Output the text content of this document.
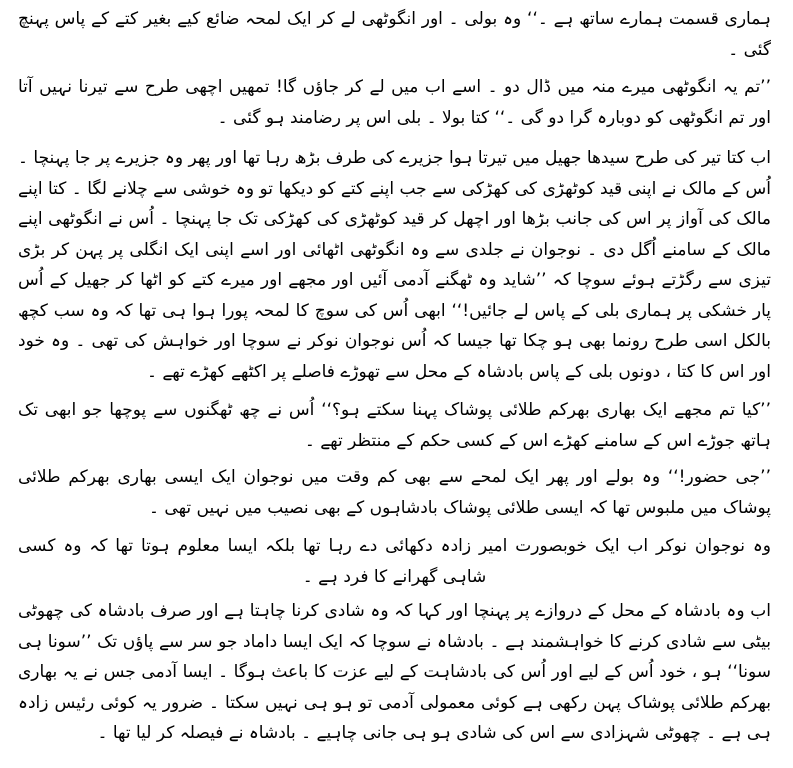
ہماری قسمت ہمارے ساتھ ہے ۔‘‘ وہ بولی ۔ اور انگوٹھی لے کر ایک لمحہ ضائع کیے بغیر کتے کے پاس پہنچ گئی ۔

’’تم یہ انگوٹھی میرے منہ میں ڈال دو ۔ اسے اب میں لے کر جاؤں گا! تمھیں اچھی طرح سے تیرنا نہیں آتا اور تم انگوٹھی کو دوبارہ گرا دو گی ۔‘‘ کتا بولا ۔ بلی اس پر رضامند ہو گئی ۔

اب کتا تیر کی طرح سیدھا جھیل میں تیرتا ہوا جزیرے کی طرف بڑھ رہا تھا اور پھر وہ جزیرے پر جا پہنچا ۔ اُس کے مالک نے اپنی قید کوٹھڑی کی کھڑکی سے جب اپنے کتے کو دیکھا تو وہ خوشی سے چلانے لگا ۔ کتا اپنے مالک کی آواز پر اس کی جانب بڑھا اور اچھل کر قید کوٹھڑی کی کھڑکی تک جا پہنچا ۔ اُس نے انگوٹھی اپنے مالک کے سامنے اُگل دی ۔ نوجوان نے جلدی سے وہ انگوٹھی اٹھائی اور اسے اپنی ایک انگلی پر پہن کر بڑی تیزی سے رگڑتے ہوئے سوچا کہ ’’شاید وہ ٹھگنے آدمی آئیں اور مجھے اور میرے کتے کو اٹھا کر جھیل کے اُس پار خشکی پر ہماری بلی کے پاس لے جائیں!‘‘ ابھی اُس کی سوچ کا لمحہ پورا ہوا ہی تھا کہ وہ سب کچھ بالکل اسی طرح رونما بھی ہو چکا تھا جیسا کہ اُس نوجوان نوکر نے سوچا اور خواہش کی تھی ۔ وہ خود اور اس کا کتا ، دونوں بلی کے پاس بادشاہ کے محل سے تھوڑے فاصلے پر اکٹھے کھڑے تھے ۔

’’کیا تم مجھے ایک بھاری بھرکم طلائی پوشاک پہنا سکتے ہو؟‘‘ اُس نے چھ ٹھگنوں سے پوچھا جو ابھی تک ہاتھ جوڑے اس کے سامنے کھڑے اس کے کسی حکم کے منتظر تھے ۔

’’جی حضور!‘‘ وہ بولے اور پھر ایک لمحے سے بھی کم وقت میں نوجوان ایک ایسی بھاری بھرکم طلائی پوشاک میں ملبوس تھا کہ ایسی طلائی پوشاک بادشاہوں کے بھی نصیب میں نہیں تھی ۔

وہ نوجوان نوکر اب ایک خوبصورت امیر زادہ دکھائی دے رہا تھا بلکہ ایسا معلوم ہوتا تھا کہ وہ کسی شاہی گھرانے کا فرد ہے ۔

اب وہ بادشاہ کے محل کے دروازے پر پہنچا اور کہا کہ وہ شادی کرنا چاہتا ہے اور صرف بادشاہ کی چھوٹی بیٹی سے شادی کرنے کا خواہشمند ہے ۔ بادشاہ نے سوچا کہ ایک ایسا داماد جو سر سے پاؤں تک ’’سونا ہی سونا‘‘ ہو ، خود اُس کے لیے اور اُس کی بادشاہت کے لیے عزت کا باعث ہوگا ۔ ایسا آدمی جس نے یہ بھاری بھرکم طلائی پوشاک پہن رکھی ہے کوئی معمولی آدمی تو ہو ہی نہیں سکتا ۔ ضرور یہ کوئی رئیس زادہ ہی ہے ۔ چھوٹی شہزادی سے اس کی شادی ہو ہی جانی چاہیے ۔ بادشاہ نے فیصلہ کر لیا تھا ۔
